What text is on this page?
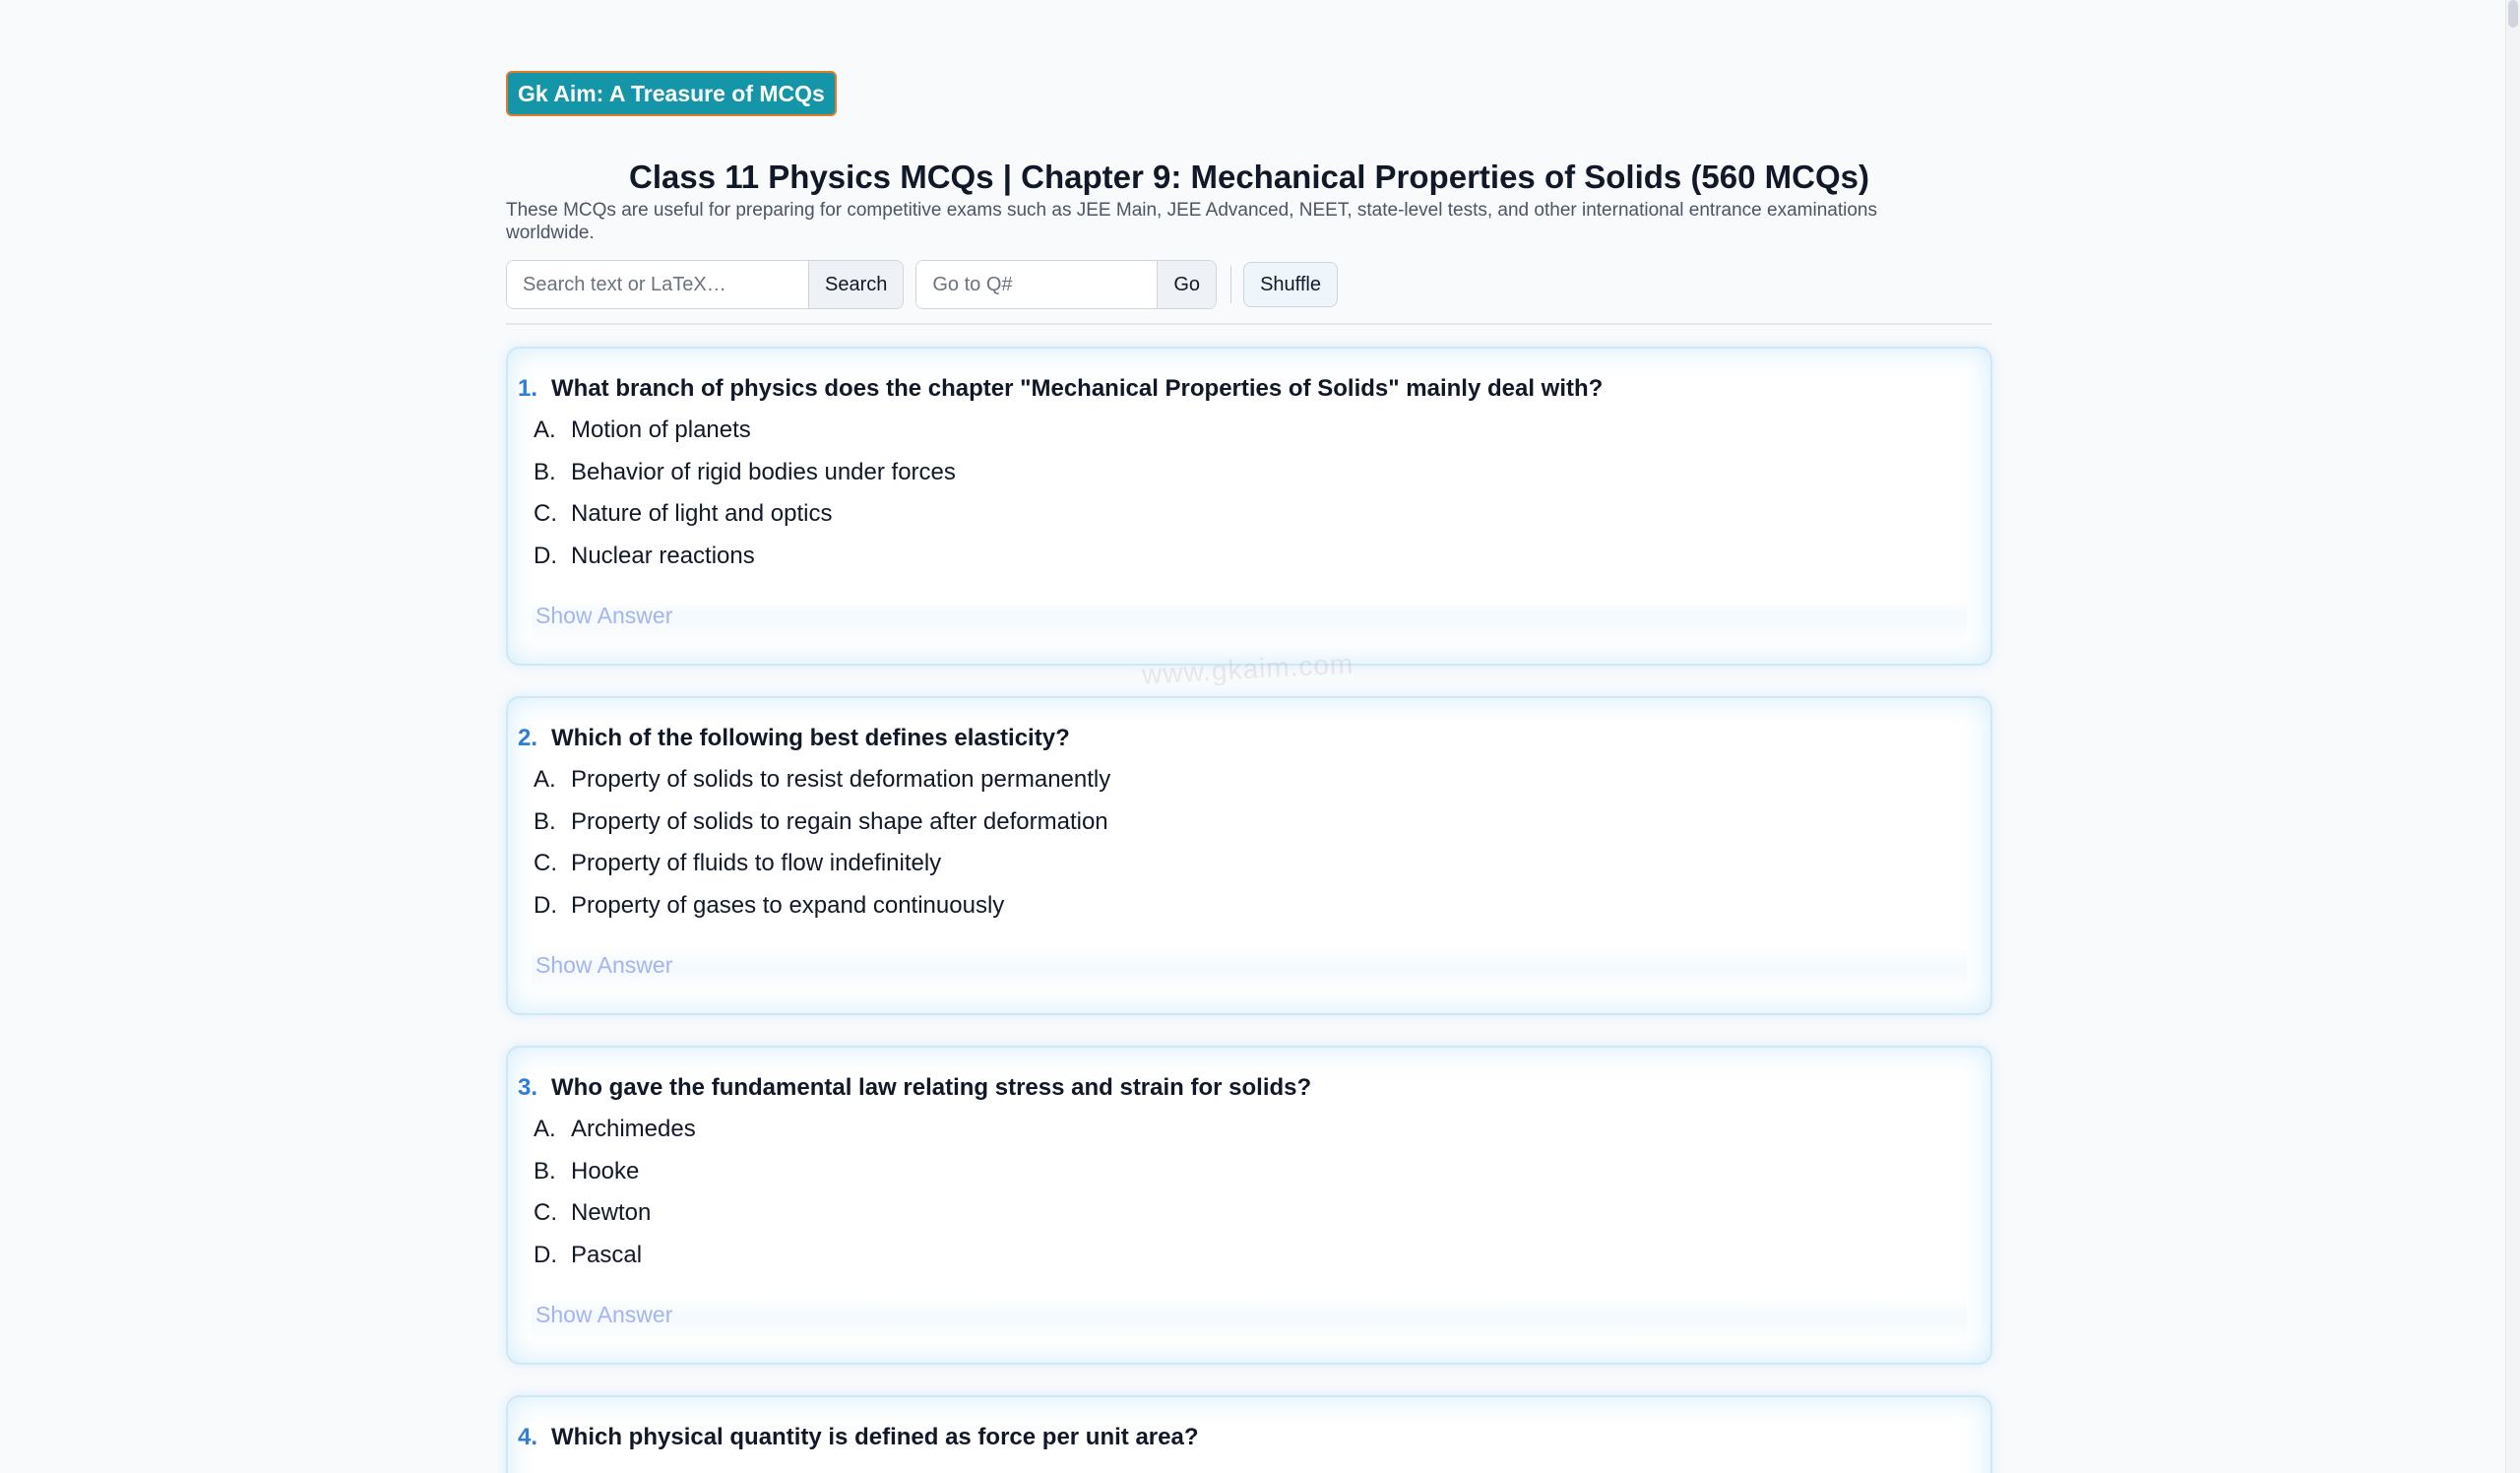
Gk Aim: A Treasure of MCQs
Class 11 Physics MCQs | Chapter 9: Mechanical Properties of Solids (560 MCQs)

These MCQs are useful for preparing for competitive exams such as JEE Main, JEE Advanced, NEET, state-level tests, and other international entrance examinations worldwide.

Search text or LaTeX…
Search
Go to Q#	Go	Shuffle
1. What branch of physics does the chapter "Mechanical Properties of Solids" mainly deal with?
A. Motion of planets
B. Behavior of rigid bodies under forces
C. Nature of light and optics
D. Nuclear reactions
Show Answer
2. Which of the following best defines elasticity?
A. Property of solids to resist deformation permanently
B. Property of solids to regain shape after deformation
C. Property of fluids to flow indefinitely
D. Property of gases to expand continuously
Show Answer
3. Who gave the fundamental law relating stress and strain for solids?
A. Archimedes
B. Hooke
C. Newton
D. Pascal
Show Answer
4. Which physical quantity is defined as force per unit area?
www.gkaim.com
